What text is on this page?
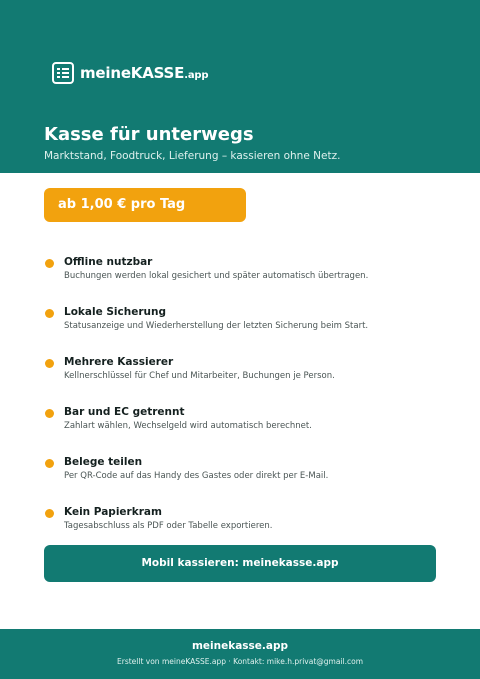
meineKASSE.app
Kasse für unterwegs

Marktstand, Foodtruck, Lieferung – kassieren ohne Netz.

ab 1,00 € pro Tag
Offline nutzbar
Buchungen werden lokal gesichert und später automatisch übertragen.
Lokale Sicherung
Statusanzeige und Wiederherstellung der letzten Sicherung beim Start.
Mehrere Kassierer
Kellnerschlüssel für Chef und Mitarbeiter, Buchungen je Person.
Bar und EC getrennt
Zahlart wählen, Wechselgeld wird automatisch berechnet.
Belege teilen
Per QR-Code auf das Handy des Gastes oder direkt per E-Mail.
Kein Papierkram
Tagesabschluss als PDF oder Tabelle exportieren.
Mobil kassieren: meinekasse.app
meinekasse.app
Erstellt von meineKASSE.app · Kontakt: mike.h.privat@gmail.com
